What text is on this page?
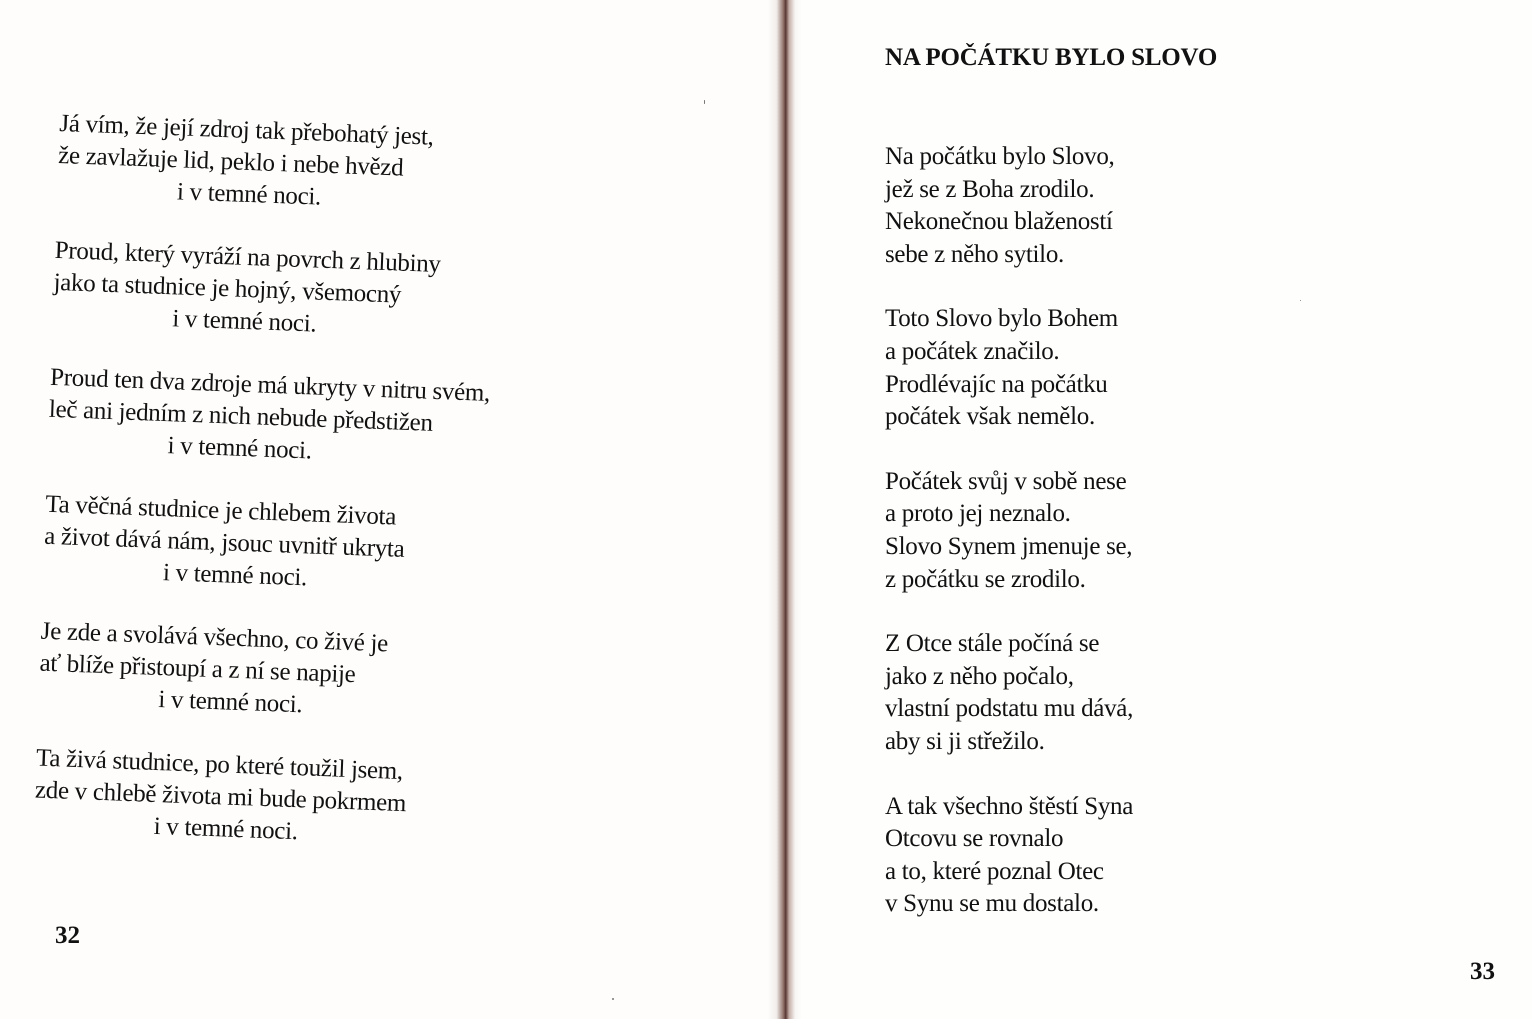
Já vím, že její zdroj tak přebohatý jest,
že zavlažuje lid, peklo i nebe hvězd
i v temné noci.
Proud, který vyráží na povrch z hlubiny
jako ta studnice je hojný, všemocný
i v temné noci.
Proud ten dva zdroje má ukryty v nitru svém,
leč ani jedním z nich nebude předstižen
i v temné noci.
Ta věčná studnice je chlebem života
a život dává nám, jsouc uvnitř ukryta
i v temné noci.
Je zde a svolává všechno, co živé je
ať blíže přistoupí a z ní se napije
i v temné noci.
Ta živá studnice, po které toužil jsem,
zde v chlebě života mi bude pokrmem
i v temné noci.
32
NA POČÁTKU BYLO SLOVO
Na počátku bylo Slovo,
jež se z Boha zrodilo.
Nekonečnou blažeností
sebe z něho sytilo.
Toto Slovo bylo Bohem
a počátek značilo.
Prodlévajíc na počátku
počátek však nemělo.
Počátek svůj v sobě nese
a proto jej neznalo.
Slovo Synem jmenuje se,
z počátku se zrodilo.
Z Otce stále počíná se
jako z něho počalo,
vlastní podstatu mu dává,
aby si ji střežilo.
A tak všechno štěstí Syna
Otcovu se rovnalo
a to, které poznal Otec
v Synu se mu dostalo.
33
